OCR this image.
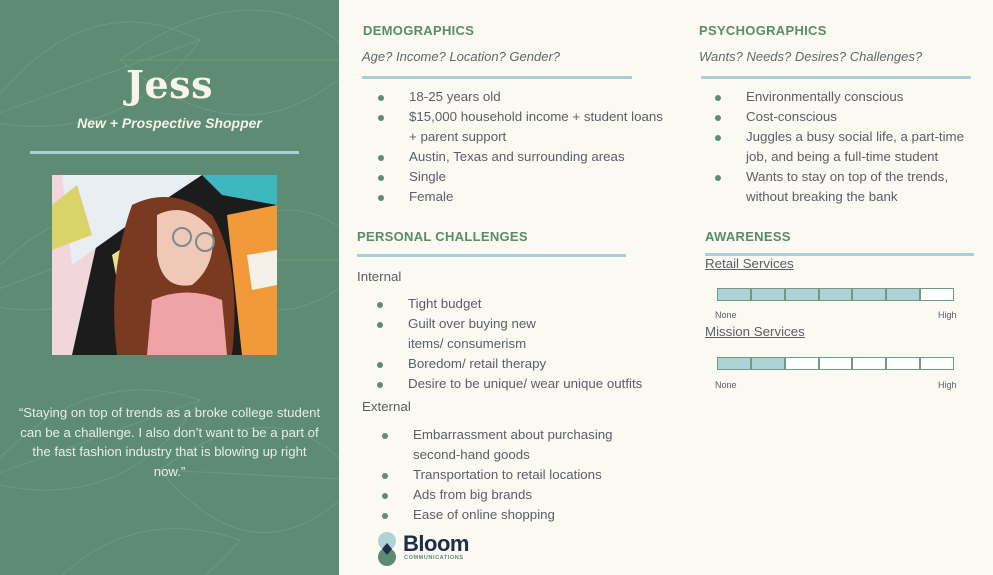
Jess
New + Prospective Shopper
“Staying on top of trends as a broke college student can be a challenge. I also don’t want to be a part of the fast fashion industry that is blowing up right now.”
DEMOGRAPHICS
Age? Income? Location? Gender?
18-25 years old
$15,000 household income + student loans + parent support
Austin, Texas and surrounding areas
Single
Female
PSYCHOGRAPHICS
Wants? Needs? Desires? Challenges?
Environmentally conscious
Cost-conscious
Juggles a busy social life, a part-time job, and being a full-time student
Wants to stay on top of the trends, without breaking the bank
PERSONAL CHALLENGES
Internal
Tight budget
Guilt over buying new items/ consumerism
Boredom/ retail therapy
Desire to be unique/ wear unique outfits
External
Embarrassment about purchasing second-hand goods
Transportation to retail locations
Ads from big brands
Ease of online shopping
AWARENESS
Retail Services
None	High
Mission Services
None	High
Bloom
COMMUNICATIONS
